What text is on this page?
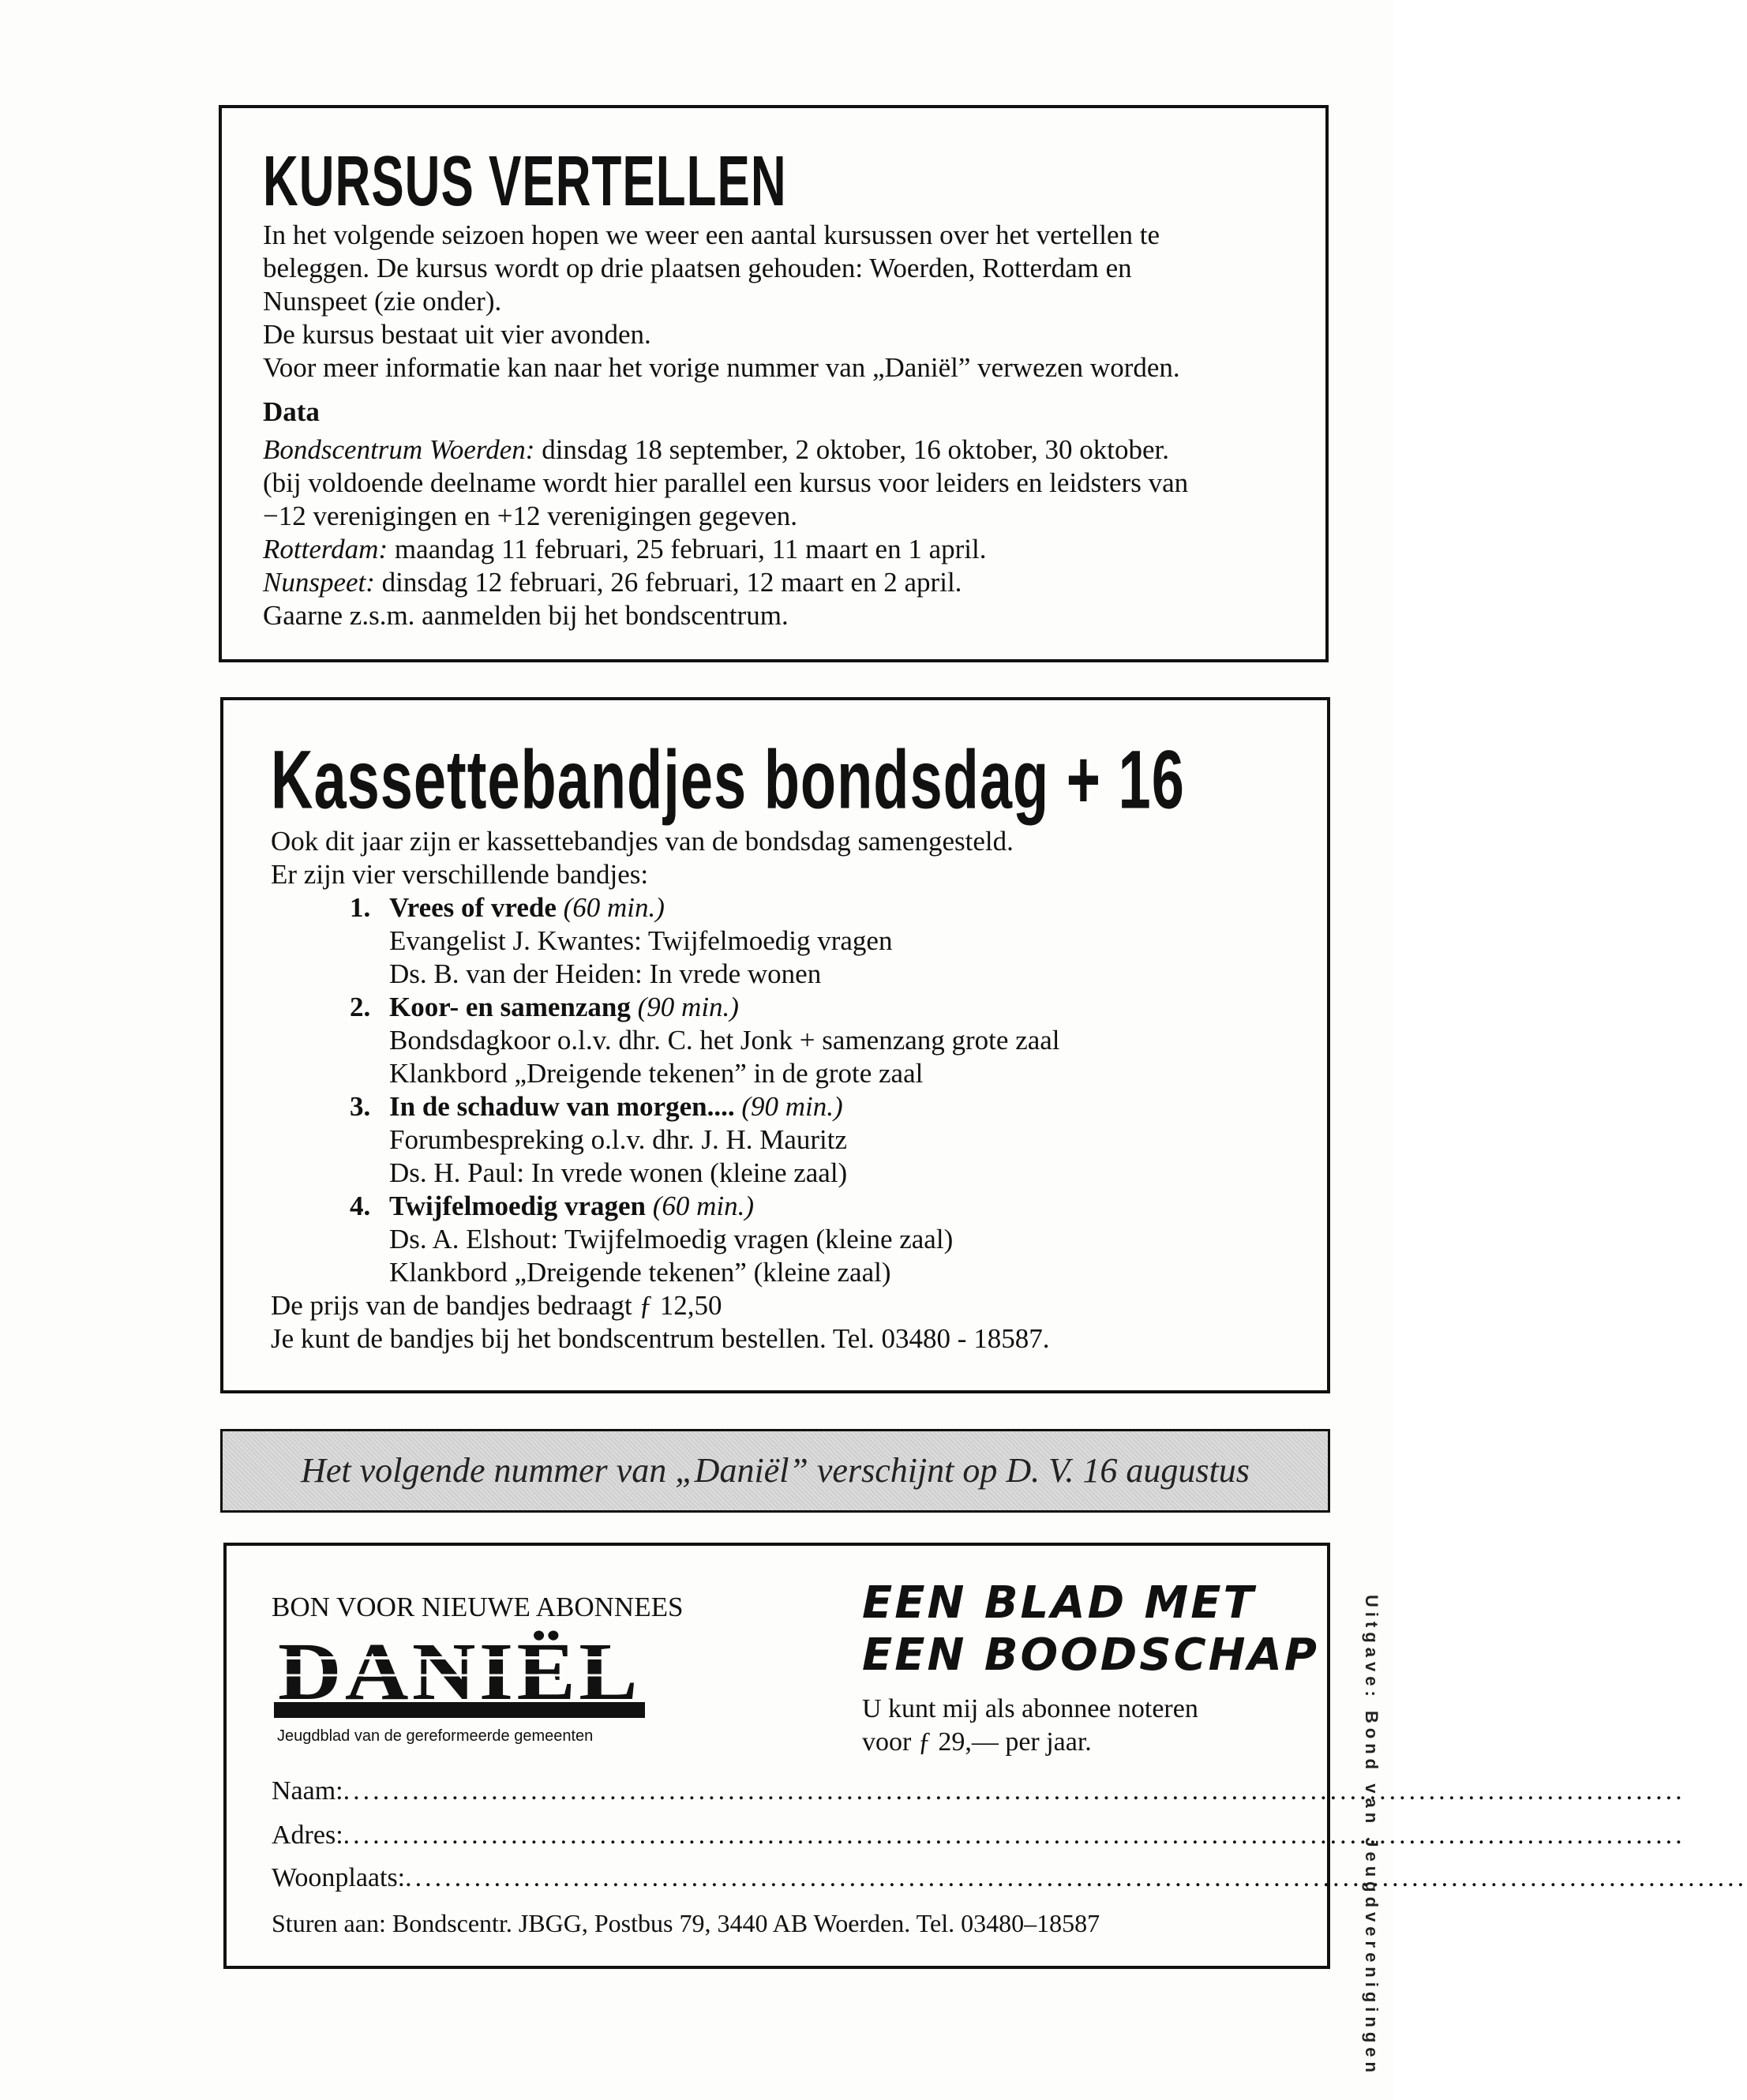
KURSUS VERTELLEN

In het volgende seizoen hopen we weer een aantal kursussen over het vertellen te
beleggen. De kursus wordt op drie plaatsen gehouden: Woerden, Rotterdam en
Nunspeet (zie onder).
De kursus bestaat uit vier avonden.
Voor meer informatie kan naar het vorige nummer van „Daniël” verwezen worden.

Data

Bondscentrum Woerden: dinsdag 18 september, 2 oktober, 16 oktober, 30 oktober.
(bij voldoende deelname wordt hier parallel een kursus voor leiders en leidsters van
−12 verenigingen en +12 verenigingen gegeven.
Rotterdam: maandag 11 februari, 25 februari, 11 maart en 1 april.
Nunspeet: dinsdag 12 februari, 26 februari, 12 maart en 2 april.
Gaarne z.s.m. aanmelden bij het bondscentrum.

Kassettebandjes bondsdag + 16

Ook dit jaar zijn er kassettebandjes van de bondsdag samengesteld.
Er zijn vier verschillende bandjes:

1. Vrees of vrede (60 min.)
Evangelist J. Kwantes: Twijfelmoedig vragen
Ds. B. van der Heiden: In vrede wonen
2. Koor- en samenzang (90 min.)
Bondsdagkoor o.l.v. dhr. C. het Jonk + samenzang grote zaal
Klankbord „Dreigende tekenen” in de grote zaal
3. In de schaduw van morgen.... (90 min.)
Forumbespreking o.l.v. dhr. J. H. Mauritz
Ds. H. Paul: In vrede wonen (kleine zaal)
4. Twijfelmoedig vragen (60 min.)
Ds. A. Elshout: Twijfelmoedig vragen (kleine zaal)
Klankbord „Dreigende tekenen” (kleine zaal)

De prijs van de bandjes bedraagt ƒ 12,50
Je kunt de bandjes bij het bondscentrum bestellen. Tel. 03480 - 18587.

Het volgende nummer van „Daniël” verschijnt op D. V. 16 augustus
BON VOOR NIEUWE ABONNEES
DANIËL
Jeugdblad van de gereformeerde gemeenten
EEN BLAD MET
EEN BOODSCHAP
U kunt mij als abonnee noteren
voor ƒ 29,— per jaar.
Naam:........................................................................................................................................
Adres:........................................................................................................................................
Woonplaats:........................................................................................................................................
Sturen aan: Bondscentr. JBGG, Postbus 79, 3440 AB Woerden. Tel. 03480–18587	Uitgave: Bond van Jeugdverenigingen
